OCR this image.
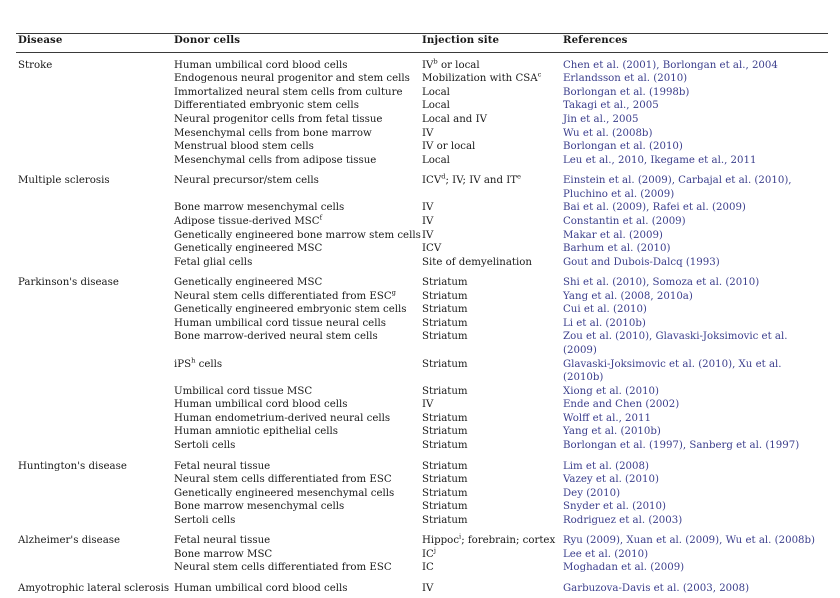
Disease	Donor cells	Injection site	References
Stroke	Human umbilical cord blood cells	$IV^b$ or local	Chen et al. (2001), Borlongan et al., 2004
	Endogenous neural progenitor and stem cells	Mobilization with CSA$^c$	Erlandsson et al. (2010)
	Immortalized neural stem cells from culture	Local	Borlongan et al. (1998b)
	Differentiated embryonic stem cells	Local	Takagi et al., 2005
	Neural progenitor cells from fetal tissue	Local and IV	Jin et al., 2005
	Mesenchymal cells from bone marrow	IV	Wu et al. (2008b)
	Menstrual blood stem cells	IV or local	Borlongan et al. (2010)
	Mesenchymal cells from adipose tissue	Local	Leu et al., 2010, Ikegame et al., 2011
Multiple sclerosis	Neural precursor/stem cells	ICV$^d$; IV; IV and $IT^e$	Einstein et al. (2009), Carbajal et al. (2010), Pluchino et al. (2009)
	Bone marrow mesenchymal cells	IV	Bai et al. (2009), Rafei et al. (2009)
	Adipose tissue-derived MSC$^f$	IV	Constantin et al. (2009)
	Genetically engineered bone marrow stem cells	IV	Makar et al. (2009)
	Genetically engineered MSC	ICV	Barhum et al. (2010)
	Fetal glial cells	Site of demyelination	Gout and Dubois-Dalcq (1993)
Parkinson's disease	Genetically engineered MSC	Striatum	Shi et al. (2010), Somoza et al. (2010)
	Neural stem cells differentiated from ESC$^g$	Striatum	Yang et al. (2008, 2010a)
	Genetically engineered embryonic stem cells	Striatum	Cui et al. (2010)
	Human umbilical cord tissue neural cells	Striatum	Li et al. (2010b)
	Bone marrow-derived neural stem cells	Striatum	Zou et al. (2010), Glavaski-Joksimovic et al. (2009)
	iPS$^h$ cells	Striatum	Glavaski-Joksimovic et al. (2010), Xu et al. (2010b)
	Umbilical cord tissue MSC	Striatum	Xiong et al. (2010)
	Human umbilical cord blood cells	IV	Ende and Chen (2002)
	Human endometrium-derived neural cells	Striatum	Wolff et al., 2011
	Human amniotic epithelial cells	Striatum	Yang et al. (2010b)
	Sertoli cells	Striatum	Borlongan et al. (1997), Sanberg et al. (1997)
Huntington's disease	Fetal neural tissue	Striatum	Lim et al. (2008)
	Neural stem cells differentiated from ESC	Striatum	Vazey et al. (2010)
	Genetically engineered mesenchymal cells	Striatum	Dey (2010)
	Bone marrow mesenchymal cells	Striatum	Snyder et al. (2010)
	Sertoli cells	Striatum	Rodriguez et al. (2003)
Alzheimer's disease	Fetal neural tissue	Hippoc$^i$; forebrain; cortex	Ryu (2009), Xuan et al. (2009), Wu et al. (2008b)
	Bone marrow MSC	$IC^j$	Lee et al. (2010)
	Neural stem cells differentiated from ESC	IC	Moghadan et al. (2009)
Amyotrophic lateral sclerosis	Human umbilical cord blood cells	IV	Garbuzova-Davis et al. (2003, 2008)
